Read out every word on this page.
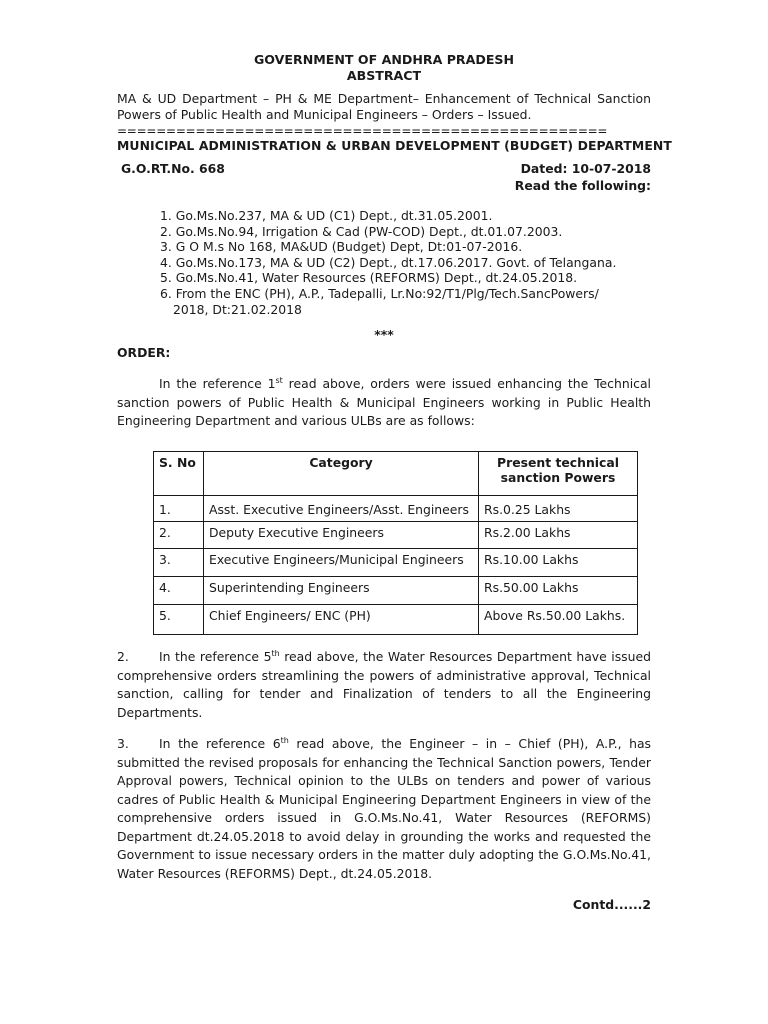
GOVERNMENT OF ANDHRA PRADESH
ABSTRACT
MA & UD Department – PH & ME Department– Enhancement of Technical Sanction Powers of Public Health and Municipal Engineers – Orders – Issued.
==================================================
MUNICIPAL ADMINISTRATION & URBAN DEVELOPMENT (BUDGET) DEPARTMENT
G.O.RT.No. 668	Dated: 10-07-2018
Read the following:
1. Go.Ms.No.237, MA & UD (C1) Dept., dt.31.05.2001.
2. Go.Ms.No.94, Irrigation & Cad (PW-COD) Dept., dt.01.07.2003.
3. G O M.s No 168, MA&UD (Budget) Dept, Dt:01-07-2016.
4. Go.Ms.No.173, MA & UD (C2) Dept., dt.17.06.2017. Govt. of Telangana.
5. Go.Ms.No.41, Water Resources (REFORMS) Dept., dt.24.05.2018.
6. From the ENC (PH), A.P., Tadepalli, Lr.No:92/T1/Plg/Tech.SancPowers/
2018, Dt:21.02.2018
***
ORDER:
In the reference 1st read above, orders were issued enhancing the Technical sanction powers of Public Health & Municipal Engineers working in Public Health Engineering Department and various ULBs are as follows:
S. No	Category	Present technical sanction Powers
1.	Asst. Executive Engineers/Asst. Engineers	Rs.0.25 Lakhs
2.	Deputy Executive Engineers	Rs.2.00 Lakhs
3.	Executive Engineers/Municipal Engineers	Rs.10.00 Lakhs
4.	Superintending Engineers	Rs.50.00 Lakhs
5.	Chief Engineers/ ENC (PH)	Above Rs.50.00 Lakhs.
2. In the reference 5th read above, the Water Resources Department have issued comprehensive orders streamlining the powers of administrative approval, Technical sanction, calling for tender and Finalization of tenders to all the Engineering Departments.
3. In the reference 6th read above, the Engineer – in – Chief (PH), A.P., has submitted the revised proposals for enhancing the Technical Sanction powers, Tender Approval powers, Technical opinion to the ULBs on tenders and power of various cadres of Public Health & Municipal Engineering Department Engineers in view of the comprehensive orders issued in G.O.Ms.No.41, Water Resources (REFORMS) Department dt.24.05.2018 to avoid delay in grounding the works and requested the Government to issue necessary orders in the matter duly adopting the G.O.Ms.No.41, Water Resources (REFORMS) Dept., dt.24.05.2018.
Contd......2
